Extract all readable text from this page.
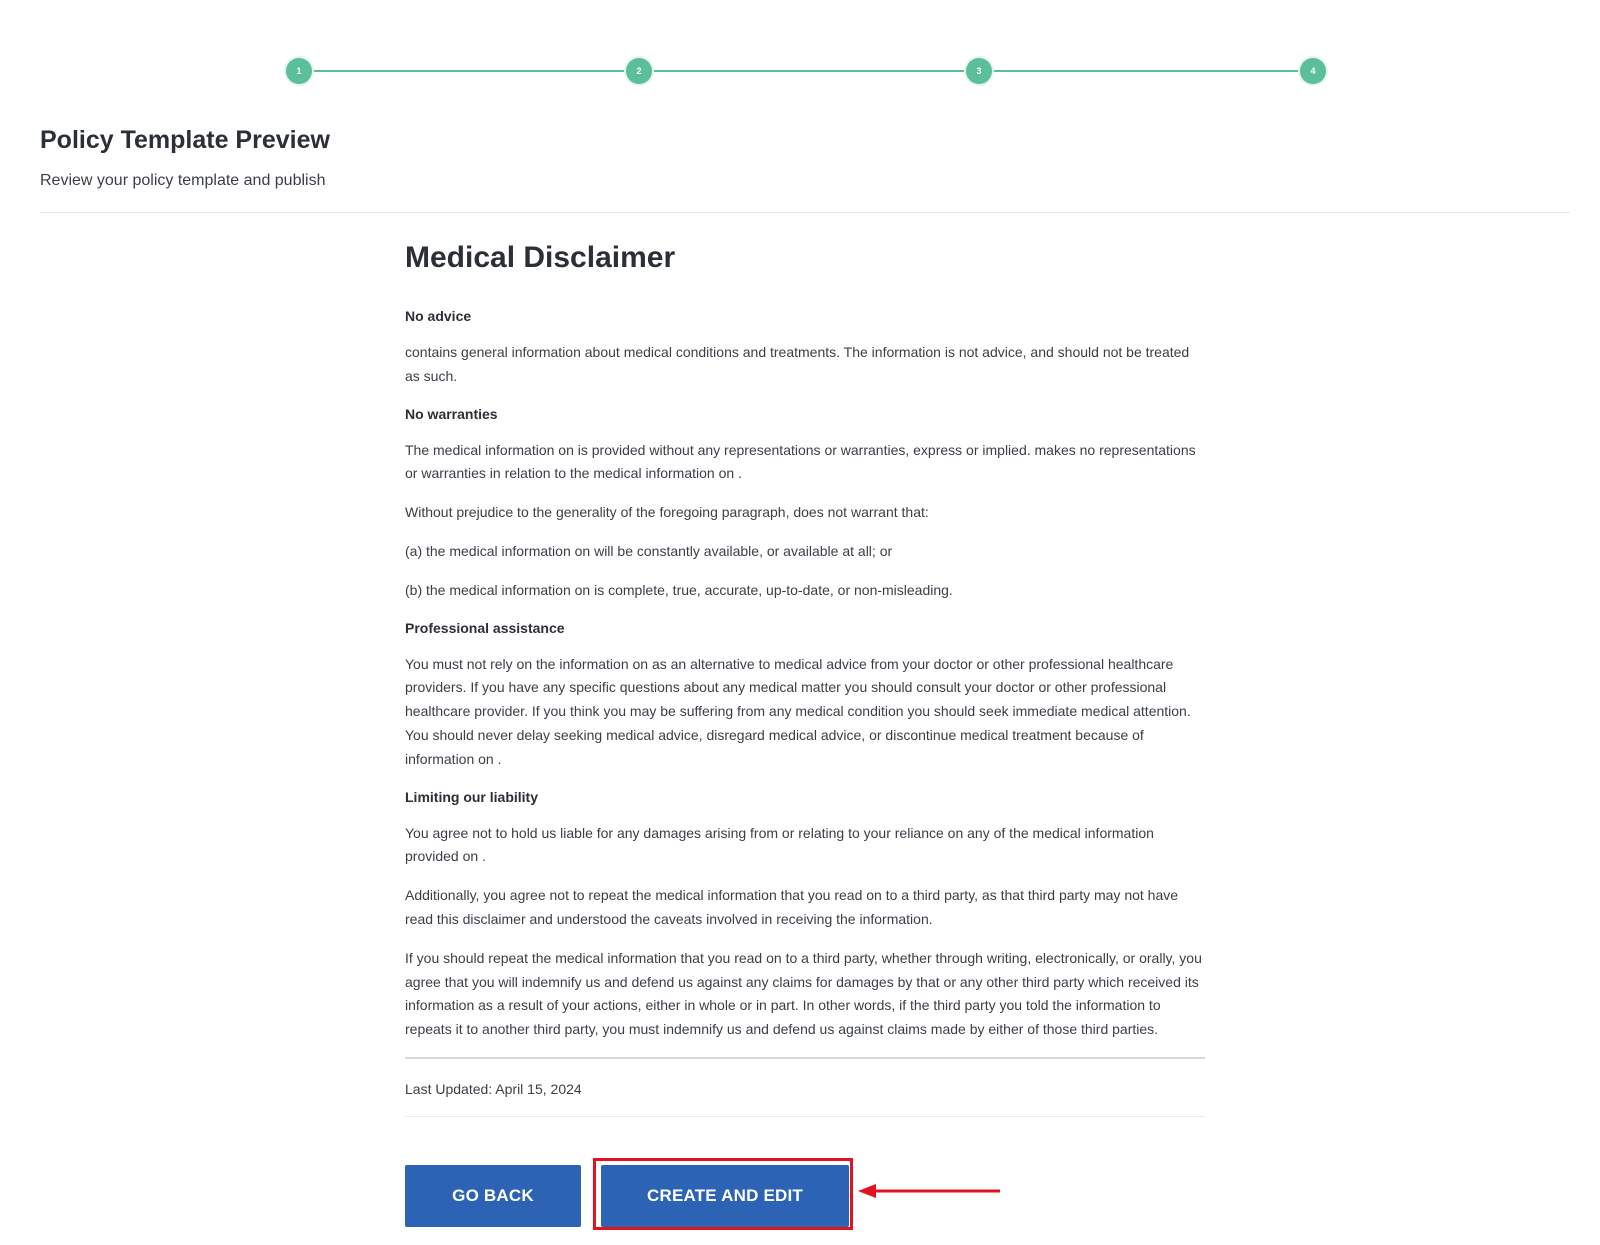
1	2	3	4
Policy Template Preview

Review your policy template and publish

Medical Disclaimer
No advice

contains general information about medical conditions and treatments. The information is not advice, and should not be treated as such.

No warranties

The medical information on is provided without any representations or warranties, express or implied. makes no representations or warranties in relation to the medical information on .

Without prejudice to the generality of the foregoing paragraph, does not warrant that:

(a) the medical information on will be constantly available, or available at all; or

(b) the medical information on is complete, true, accurate, up-to-date, or non-misleading.

Professional assistance

You must not rely on the information on as an alternative to medical advice from your doctor or other professional healthcare providers. If you have any specific questions about any medical matter you should consult your doctor or other professional healthcare provider. If you think you may be suffering from any medical condition you should seek immediate medical attention. You should never delay seeking medical advice, disregard medical advice, or discontinue medical treatment because of information on .

Limiting our liability

You agree not to hold us liable for any damages arising from or relating to your reliance on any of the medical information provided on .

Additionally, you agree not to repeat the medical information that you read on to a third party, as that third party may not have read this disclaimer and understood the caveats involved in receiving the information.

If you should repeat the medical information that you read on to a third party, whether through writing, electronically, or orally, you agree that you will indemnify us and defend us against any claims for damages by that or any other third party which received its information as a result of your actions, either in whole or in part. In other words, if the third party you told the information to repeats it to another third party, you must indemnify us and defend us against claims made by either of those third parties.

Last Updated: April 15, 2024
GO BACK	CREATE AND EDIT
